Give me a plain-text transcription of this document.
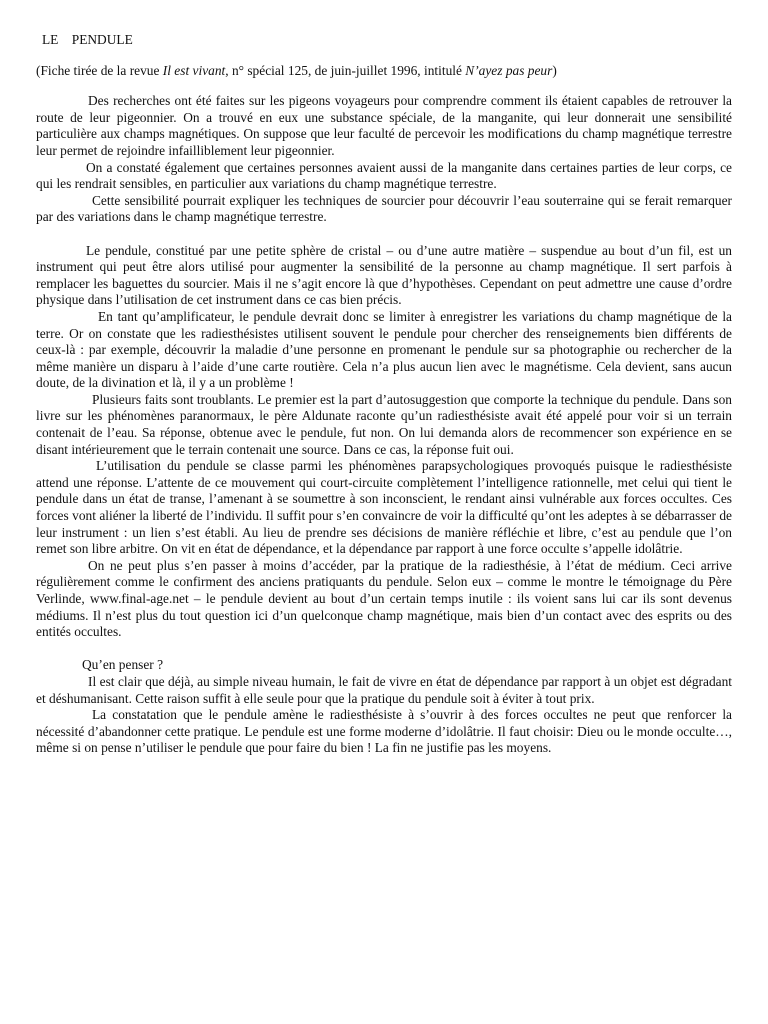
LE    PENDULE
(Fiche tirée de la revue Il est vivant, n° spécial 125, de juin-juillet 1996, intitulé N’ayez pas peur)

Des recherches ont été faites sur les pigeons voyageurs pour comprendre comment ils étaient capables de retrouver la route de leur pigeonnier. On a trouvé en eux une substance spéciale, de la manganite, qui leur donnerait une sensibilité particulière aux champs magnétiques. On suppose que leur faculté de percevoir les modifications du champ magnétique terrestre leur permet de rejoindre infailliblement leur pigeonnier.

On a constaté également que certaines personnes avaient aussi de la manganite dans certaines parties de leur corps, ce qui les rendrait sensibles, en particulier aux variations du champ magnétique terrestre.

Cette sensibilité pourrait expliquer les techniques de sourcier pour découvrir l’eau souterraine qui se ferait remarquer par des variations dans le champ magnétique terrestre.

Le pendule, constitué par une petite sphère de cristal – ou d’une autre matière – suspendue au bout d’un fil, est un instrument qui peut être alors utilisé pour augmenter la sensibilité de la personne au champ magnétique. Il sert parfois à remplacer les baguettes du sourcier. Mais il ne s’agit encore là que d’hypothèses. Cependant on peut admettre une cause d’ordre physique dans l’utilisation de cet instrument dans ce cas bien précis.

En tant qu’amplificateur, le pendule devrait donc se limiter à enregistrer les variations du champ magnétique de la terre. Or on constate que les radiesthésistes utilisent souvent le pendule pour chercher des renseignements bien différents de ceux-là : par exemple, découvrir la maladie d’une personne en promenant le pendule sur sa photographie ou rechercher de la même manière un disparu à l’aide d’une carte routière. Cela n’a plus aucun lien avec le magnétisme. Cela devient, sans aucun doute, de la divination et là, il y a un problème !

Plusieurs faits sont troublants. Le premier est la part d’autosuggestion que comporte la technique du pendule. Dans son livre sur les phénomènes paranormaux, le père Aldunate raconte qu’un radiesthésiste avait été appelé pour voir si un terrain contenait de l’eau. Sa réponse, obtenue avec le pendule, fut non. On lui demanda alors de recommencer son expérience en se disant intérieurement que le terrain contenait une source. Dans ce cas, la réponse fuit oui.

L’utilisation du pendule se classe parmi les phénomènes parapsychologiques provoqués puisque le radiesthésiste attend une réponse. L’attente de ce mouvement qui court-circuite complètement l’intelligence rationnelle, met celui qui tient le pendule dans un état de transe, l’amenant à se soumettre à son inconscient, le rendant ainsi vulnérable aux forces occultes. Ces forces vont aliéner la liberté de l’individu. Il suffit pour s’en convaincre de voir la difficulté qu’ont les adeptes à se débarrasser de leur instrument : un lien s’est établi. Au lieu de prendre ses décisions de manière réfléchie et libre, c’est au pendule que l’on remet son libre arbitre. On vit en état de dépendance, et la dépendance par rapport à une force occulte s’appelle idolâtrie.

On ne peut plus s’en passer à moins d’accéder, par la pratique de la radiesthésie, à l’état de médium. Ceci arrive régulièrement comme le confirment des anciens pratiquants du pendule. Selon eux – comme le montre le témoignage du Père Verlinde, www.final-age.net – le pendule devient au bout d’un certain temps inutile : ils voient sans lui car ils sont devenus médiums. Il n’est plus du tout question ici d’un quelconque champ magnétique, mais bien d’un contact avec des esprits ou des entités occultes.

Qu’en penser ?

Il est clair que déjà, au simple niveau humain, le fait de vivre en état de dépendance par rapport à un objet est dégradant et déshumanisant. Cette raison suffit à elle seule pour que la pratique du pendule soit à éviter à tout prix.

La constatation que le pendule amène le radiesthésiste à s’ouvrir à des forces occultes ne peut que renforcer la nécessité d’abandonner cette pratique. Le pendule est une forme moderne d’idolâtrie. Il faut choisir: Dieu ou le monde occulte…, même si on pense n’utiliser le pendule que pour faire du bien ! La fin ne justifie pas les moyens.
